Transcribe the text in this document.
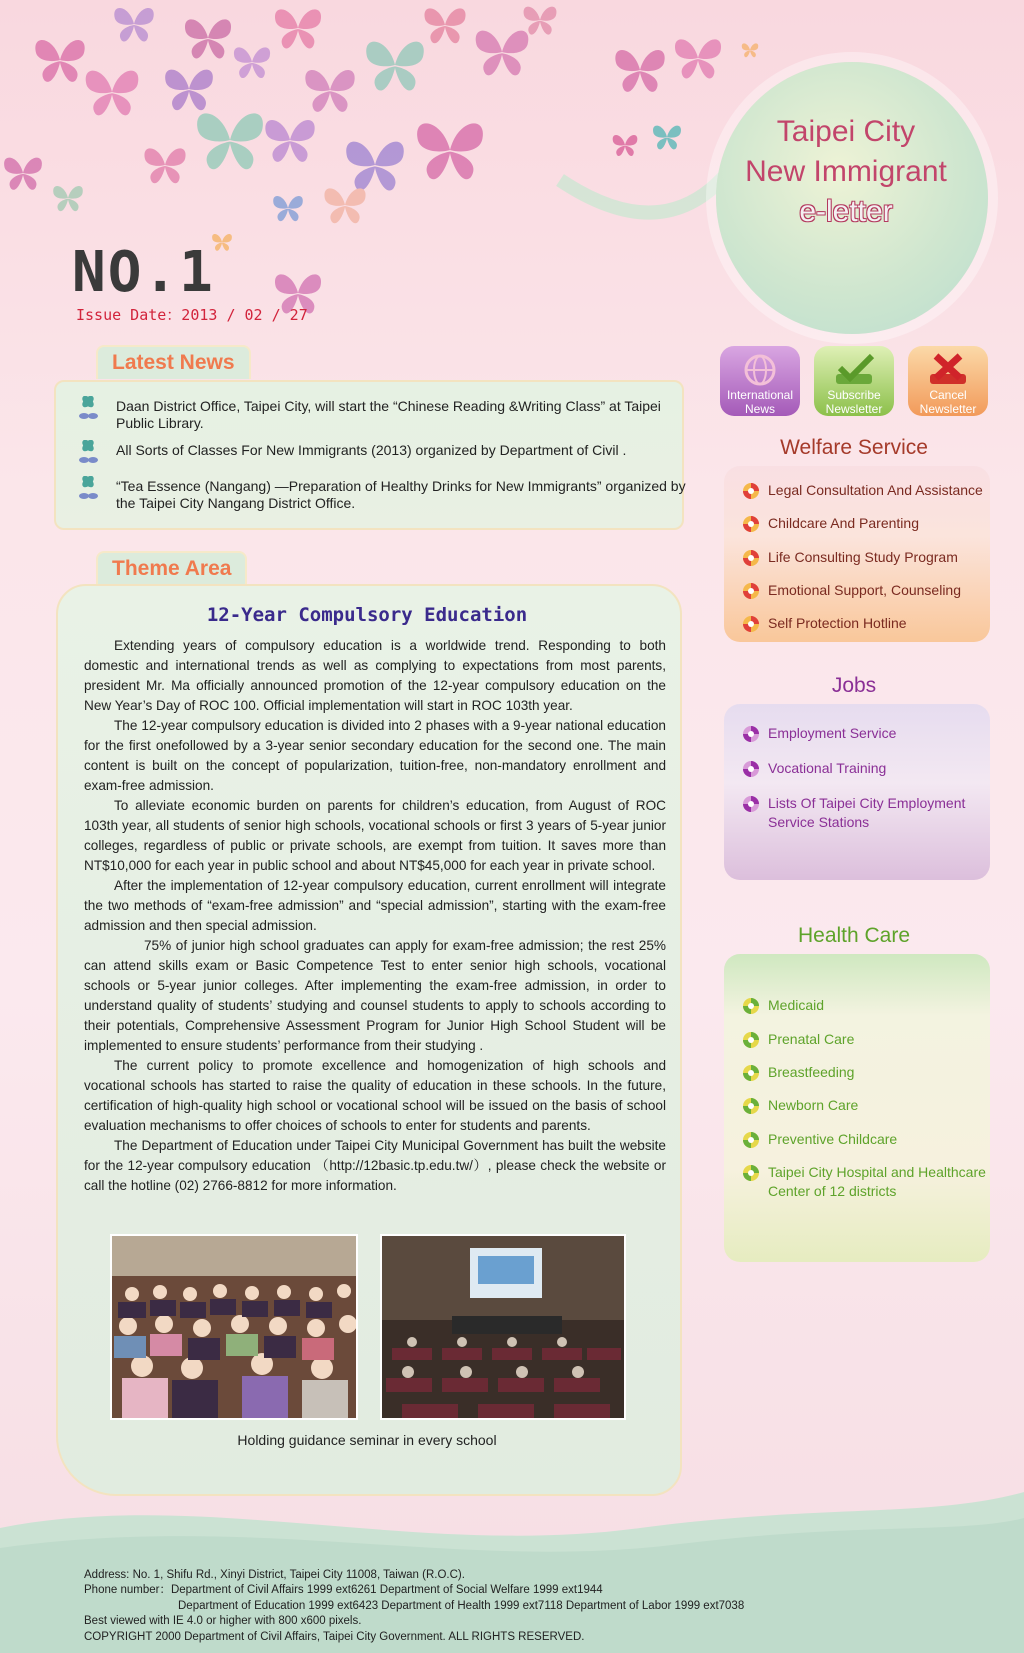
Taipei City
New Immigrant
e-letter
NO.1
Issue Date：2013 / 02 / 27
Latest News
Daan District Office, Taipei City, will start the “Chinese Reading &Writing Class” at Taipei Public Library.
All Sorts of Classes For New Immigrants (2013) organized by Department of Civil .
“Tea Essence (Nangang) —Preparation of Healthy Drinks for New Immigrants” organized by the Taipei City Nangang District Office.
Theme Area
12-Year Compulsory Education

Extending years of compulsory education is a worldwide trend. Responding to both domestic and international trends as well as complying to expectations from most parents, president Mr. Ma officially announced promotion of the 12-year compulsory education on the New Year’s Day of ROC 100. Official implementation will start in ROC 103th year.

The 12-year compulsory education is divided into 2 phases with a 9-year national education for the first onefollowed by a 3-year senior secondary education for the second one. The main content is built on the concept of popularization, tuition-free, non-mandatory enrollment and exam-free admission.

To alleviate economic burden on parents for children’s education, from August of ROC 103th year, all students of senior high schools, vocational schools or first 3 years of 5-year junior colleges, regardless of public or private schools, are exempt from tuition. It saves more than NT$10,000 for each year in public school and about NT$45,000 for each year in private school.

After the implementation of 12-year compulsory education, current enrollment will integrate the two methods of “exam-free admission” and “special admission”, starting with the exam-free admission and then special admission.

75% of junior high school graduates can apply for exam-free admission; the rest 25% can attend skills exam or Basic Competence Test to enter senior high schools, vocational schools or 5-year junior colleges. After implementing the exam-free admission, in order to understand quality of students’ studying and counsel students to apply to schools according to their potentials, Comprehensive Assessment Program for Junior High School Student will be implemented to ensure students’ performance from their studying .

The current policy to promote excellence and homogenization of high schools and vocational schools has started to raise the quality of education in these schools. In the future, certification of high-quality high school or vocational school will be issued on the basis of school evaluation mechanisms to offer choices of schools to enter for students and parents.

The Department of Education under Taipei City Municipal Government has built the website for the 12-year compulsory education （http://12basic.tp.edu.tw/）, please check the website or call the hotline (02) 2766-8812 for more information.

Holding guidance seminar in every school
International
News
Subscribe
Newsletter
Cancel
Newsletter
Welfare Service
Legal Consultation And Assistance
Childcare And Parenting
Life Consulting Study Program
Emotional Support, Counseling
Self Protection Hotline
Jobs
Employment Service
Vocational Training
Lists Of Taipei City Employment Service Stations
Health Care
Medicaid
Prenatal Care
Breastfeeding
Newborn Care
Preventive Childcare
Taipei City Hospital and Healthcare Center of 12 districts
Address: No. 1, Shifu Rd., Xinyi District, Taipei City 11008, Taiwan (R.O.C).
Phone number：Department of Civil Affairs 1999 ext6261 Department of Social Welfare 1999 ext1944
Department of Education 1999 ext6423 Department of Health 1999 ext7118 Department of Labor 1999 ext7038
Best viewed with IE 4.0 or higher with 800 x600 pixels.
COPYRIGHT 2000 Department of Civil Affairs, Taipei City Government. ALL RIGHTS RESERVED.
